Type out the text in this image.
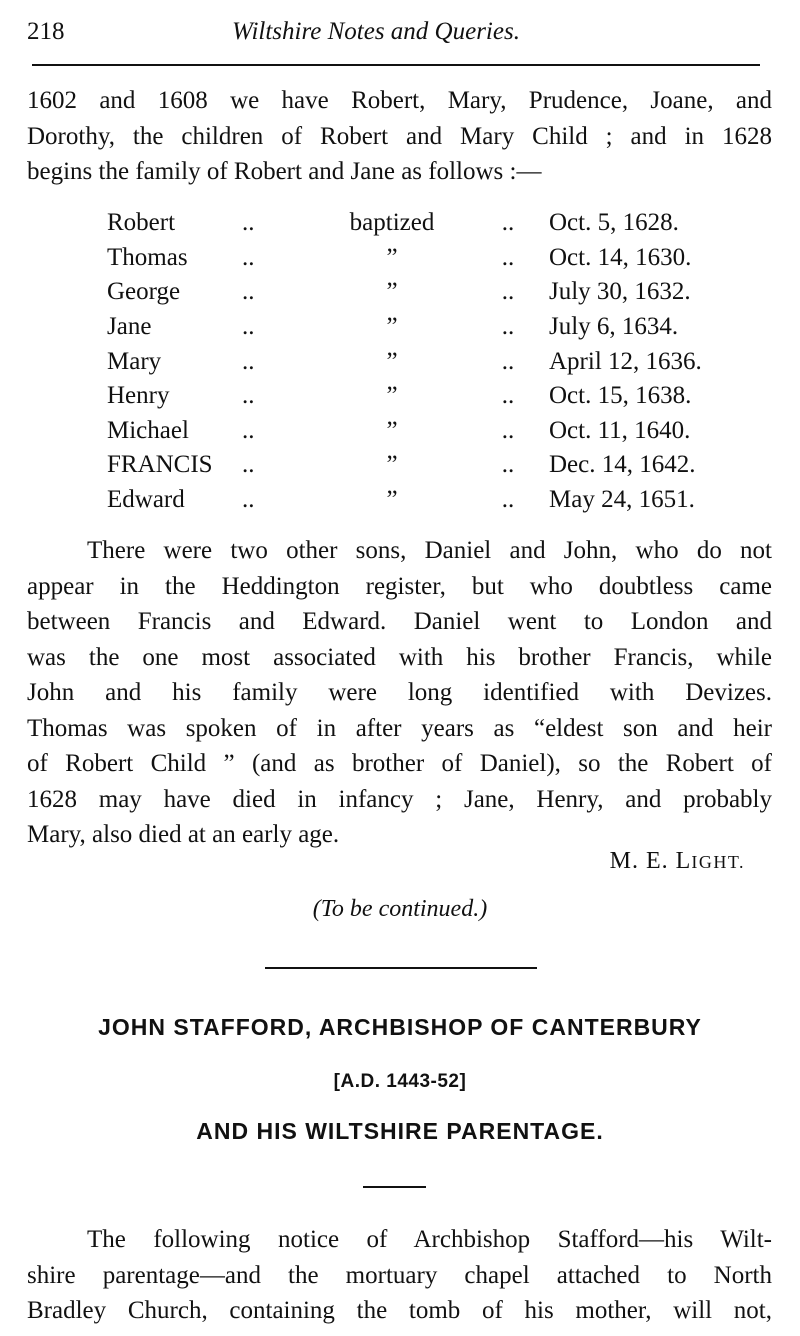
218	Wiltshire Notes and Queries.

1602 and 1608 we have Robert, Mary, Prudence, Joane, and
Dorothy, the children of Robert and Mary Child ; and in 1628
begins the family of Robert and Jane as follows :—

Robert	..	baptized	..	Oct. 5, 1628.
Thomas	..	”	..	Oct. 14, 1630.
George	..	”	..	July 30, 1632.
Jane	..	”	..	July 6, 1634.
Mary	..	”	..	April 12, 1636.
Henry	..	”	..	Oct. 15, 1638.
Michael	..	”	..	Oct. 11, 1640.
FRANCIS	..	”	..	Dec. 14, 1642.
Edward	..	”	..	May 24, 1651.

There were two other sons, Daniel and John, who do not
appear in the Heddington register, but who doubtless came
between Francis and Edward. Daniel went to London and
was the one most associated with his brother Francis, while
John and his family were long identified with Devizes.
Thomas was spoken of in after years as “eldest son and heir
of Robert Child ” (and as brother of Daniel), so the Robert of
1628 may have died in infancy ; Jane, Henry, and probably
Mary, also died at an early age.

M. E. LIGHT.
(To be continued.)
JOHN STAFFORD, ARCHBISHOP OF CANTERBURY
[A.D. 1443-52]
AND HIS WILTSHIRE PARENTAGE.

The following notice of Archbishop Stafford—his Wilt-
shire parentage—and the mortuary chapel attached to North
Bradley Church, containing the tomb of his mother, will not,
